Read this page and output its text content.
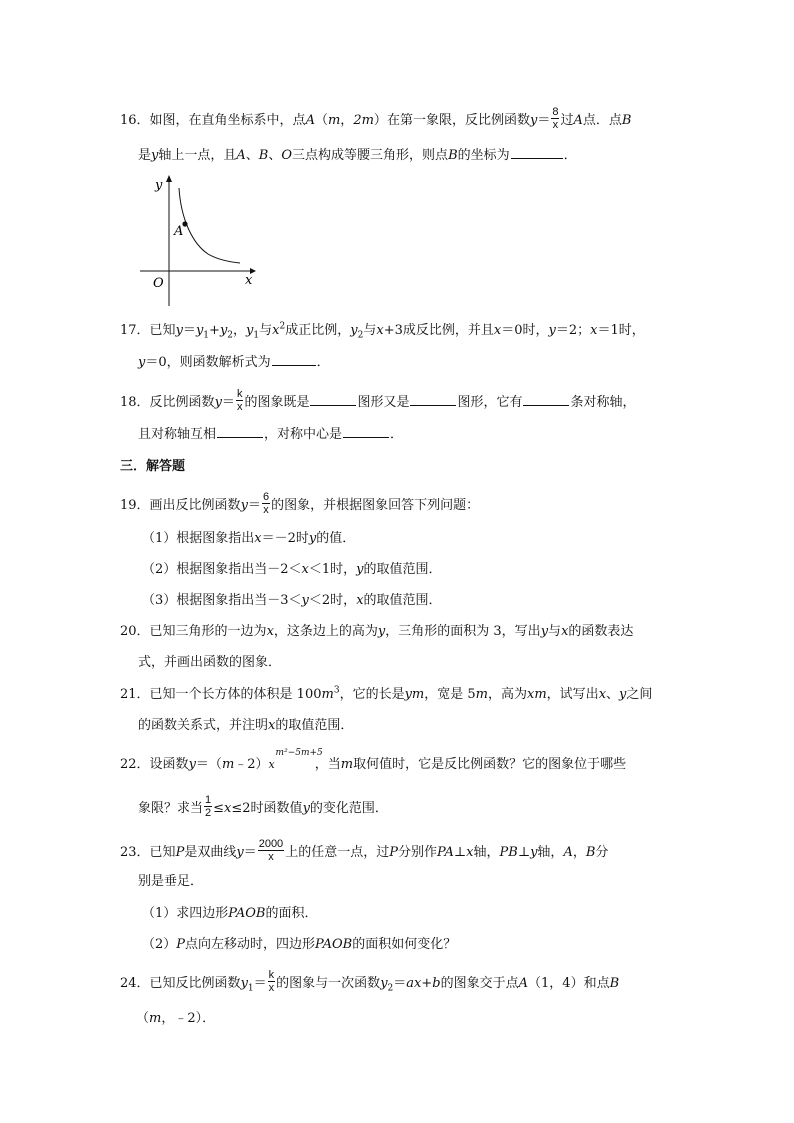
16．如图，在直角坐标系中，点A（m，2m）在第一象限，反比例函数$y= \frac{8}{x}$ 过A点．点B
是y轴上一点，且A、B、O三点构成等腰三角形，则点B的坐标为	．
y
x
O
A
17．已知$y=y_1+y_2$，$y_1$与$x^2$成正比例，$y_2$与x+3成反比例，并且x＝0时，y＝2；x＝1时，
y＝0，则函数解析式为	．
18．反比例函数$y= \frac{k}{x}$ 的图象既是	图形又是	图形，它有	条对称轴，
且对称轴互相	，对称中心是	．
三．解答题
19．画出反比例函数$y= \frac{6}{x}$ 的图象，并根据图象回答下列问题：
（1）根据图象指出x＝－2时y的值．
（2）根据图象指出当－2＜x＜1时，y的取值范围．
（3）根据图象指出当－3＜y＜2时，x的取值范围．
20．已知三角形的一边为x，这条边上的高为y，三角形的面积为 3，写出y与x的函数表达
式，并画出函数的图象．
21．已知一个长方体的体积是 $100m^3$，它的长是ym，宽是 5m，高为xm，试写出x、y之间
的函数关系式，并注明x的取值范围．
22．设函数y＝（m﹣2）x
m²−5m+5
，当m取何值时，它是反比例函数？它的图象位于哪些
象限？求当 $\frac{1}{2} \le x\le 2$时函数值y的变化范围．
23．已知P是双曲线$y= \frac{2000}{x}$ 上的任意一点，过P分别作PA⊥x轴，PB⊥y轴，A，B分
别是垂足．
（1）求四边形PAOB的面积．
（2）P点向左移动时，四边形PAOB的面积如何变化？
24．已知反比例函数$y_1= \frac{k}{x}$ 的图象与一次函数$y_2=ax+b$的图象交于点A（1，4）和点B
（m，﹣2）．
